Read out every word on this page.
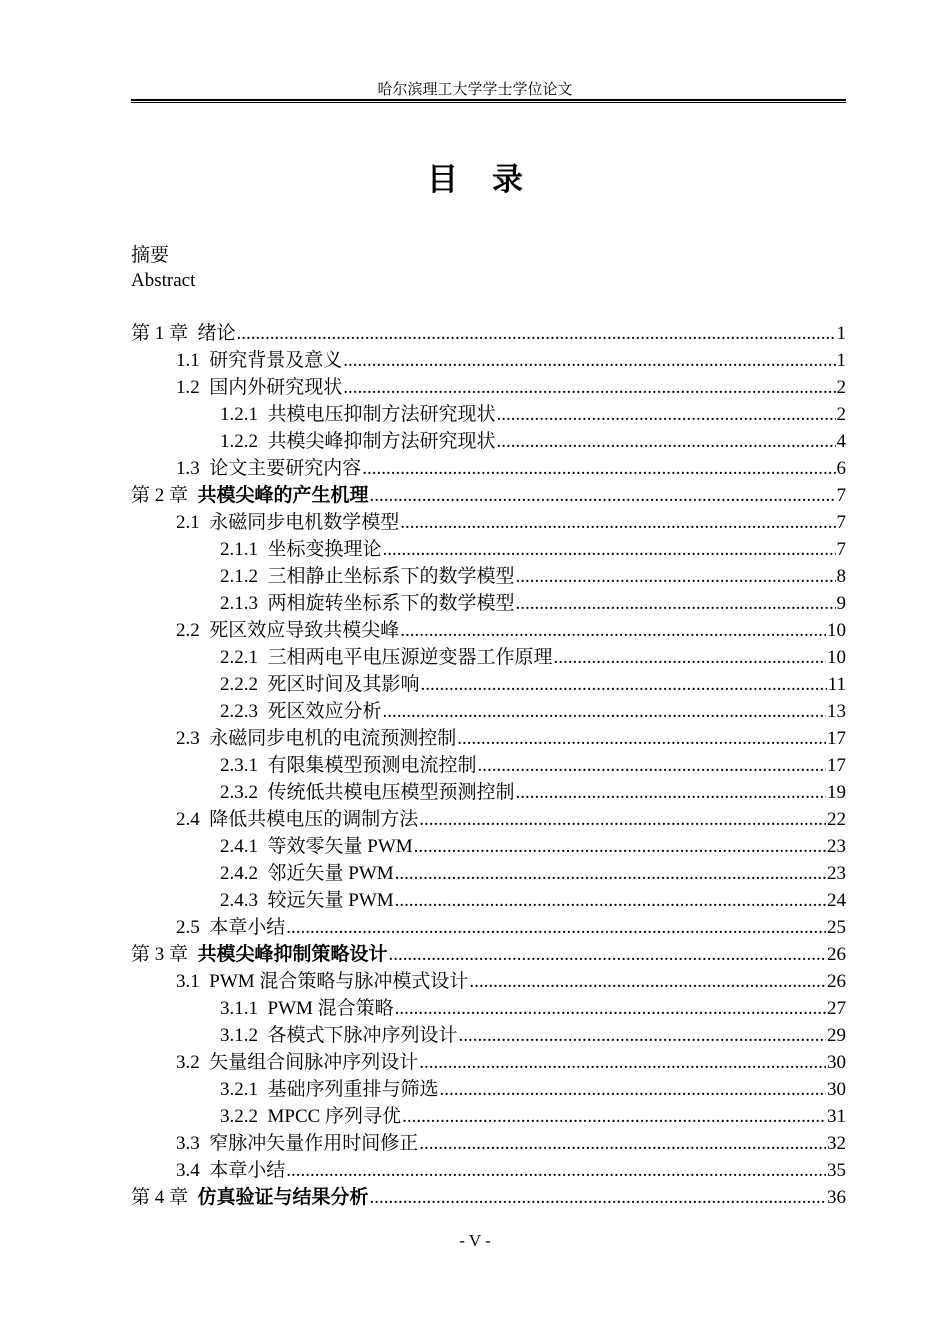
哈尔滨理工大学学士学位论文
目 录
摘要
Abstract
第 1 章 绪论 .....	1
1.1 研究背景及意义 .....	1
1.2 国内外研究现状 .....	2
1.2.1 共模电压抑制方法研究现状 .....	2
1.2.2 共模尖峰抑制方法研究现状 .....	4
1.3 论文主要研究内容 .....	6
第 2 章 共模尖峰的产生机理 .....	7
2.1 永磁同步电机数学模型 .....	7
2.1.1 坐标变换理论 .....	7
2.1.2 三相静止坐标系下的数学模型 .....	8
2.1.3 两相旋转坐标系下的数学模型 .....	9
2.2 死区效应导致共模尖峰 .....	10
2.2.1 三相两电平电压源逆变器工作原理 .....	10
2.2.2 死区时间及其影响 .....	11
2.2.3 死区效应分析 .....	13
2.3 永磁同步电机的电流预测控制 .....	17
2.3.1 有限集模型预测电流控制 .....	17
2.3.2 传统低共模电压模型预测控制 .....	19
2.4 降低共模电压的调制方法 .....	22
2.4.1 等效零矢量 PWM .....	23
2.4.2 邻近矢量 PWM .....	23
2.4.3 较远矢量 PWM .....	24
2.5 本章小结 .....	25
第 3 章 共模尖峰抑制策略设计 .....	26
3.1 PWM 混合策略与脉冲模式设计 .....	26
3.1.1 PWM 混合策略 .....	27
3.1.2 各模式下脉冲序列设计 .....	29
3.2 矢量组合间脉冲序列设计 .....	30
3.2.1 基础序列重排与筛选 .....	30
3.2.2 MPCC 序列寻优 .....	31
3.3 窄脉冲矢量作用时间修正 .....	32
3.4 本章小结 .....	35
第 4 章 仿真验证与结果分析 .....	36
- V -
